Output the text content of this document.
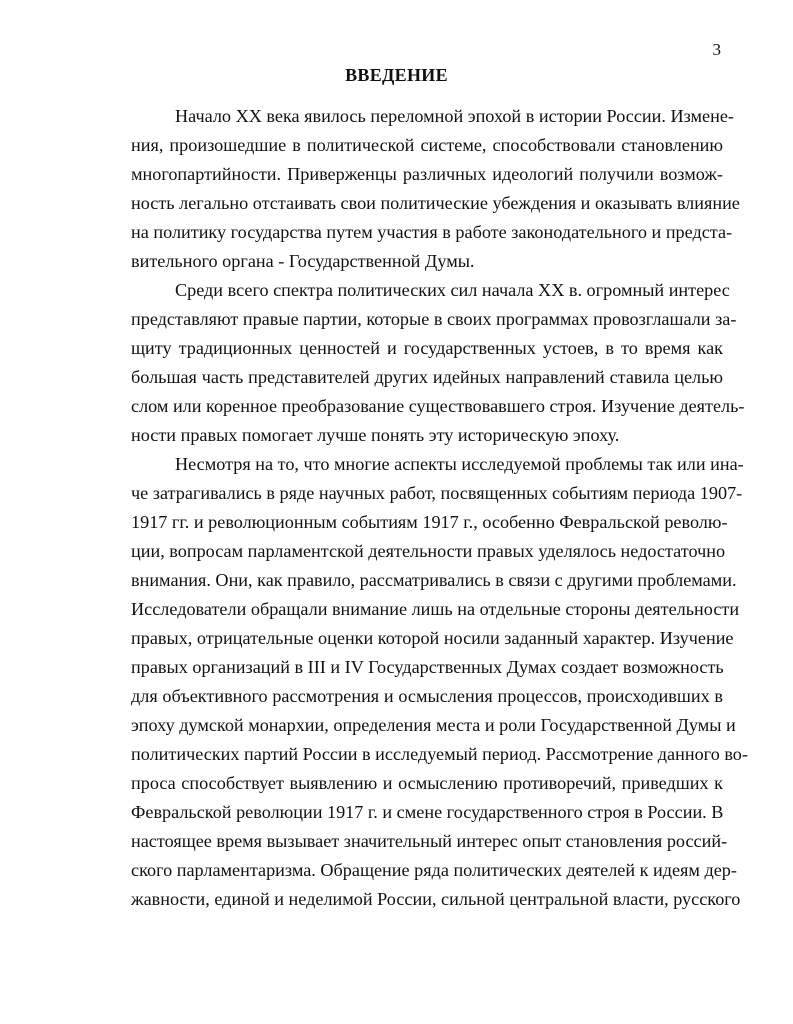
3
ВВЕДЕНИЕ
Начало XX века явилось переломной эпохой в истории России. Измене-
ния, произошедшие в политической системе, способствовали становлению
многопартийности. Приверженцы различных идеологий получили возмож-
ность легально отстаивать свои политические убеждения и оказывать влияние
на политику государства путем участия в работе законодательного и предста-
вительного органа - Государственной Думы.
Среди всего спектра политических сил начала XX в. огромный интерес
представляют правые партии, которые в своих программах провозглашали за-
щиту традиционных ценностей и государственных устоев, в то время как
большая часть представителей других идейных направлений ставила целью
слом или коренное преобразование существовавшего строя. Изучение деятель-
ности правых помогает лучше понять эту историческую эпоху.
Несмотря на то, что многие аспекты исследуемой проблемы так или ина-
че затрагивались в ряде научных работ, посвященных событиям периода 1907-
1917 гг. и революционным событиям 1917 г., особенно Февральской револю-
ции, вопросам парламентской деятельности правых уделялось недостаточно
внимания. Они, как правило, рассматривались в связи с другими проблемами.
Исследователи обращали внимание лишь на отдельные стороны деятельности
правых, отрицательные оценки которой носили заданный характер. Изучение
правых организаций в III и IV Государственных Думах создает возможность
для объективного рассмотрения и осмысления процессов, происходивших в
эпоху думской монархии, определения места и роли Государственной Думы и
политических партий России в исследуемый период. Рассмотрение данного во-
проса способствует выявлению и осмыслению противоречий, приведших к
Февральской революции 1917 г. и смене государственного строя в России. В
настоящее время вызывает значительный интерес опыт становления россий-
ского парламентаризма. Обращение ряда политических деятелей к идеям дер-
жавности, единой и неделимой России, сильной центральной власти, русского
